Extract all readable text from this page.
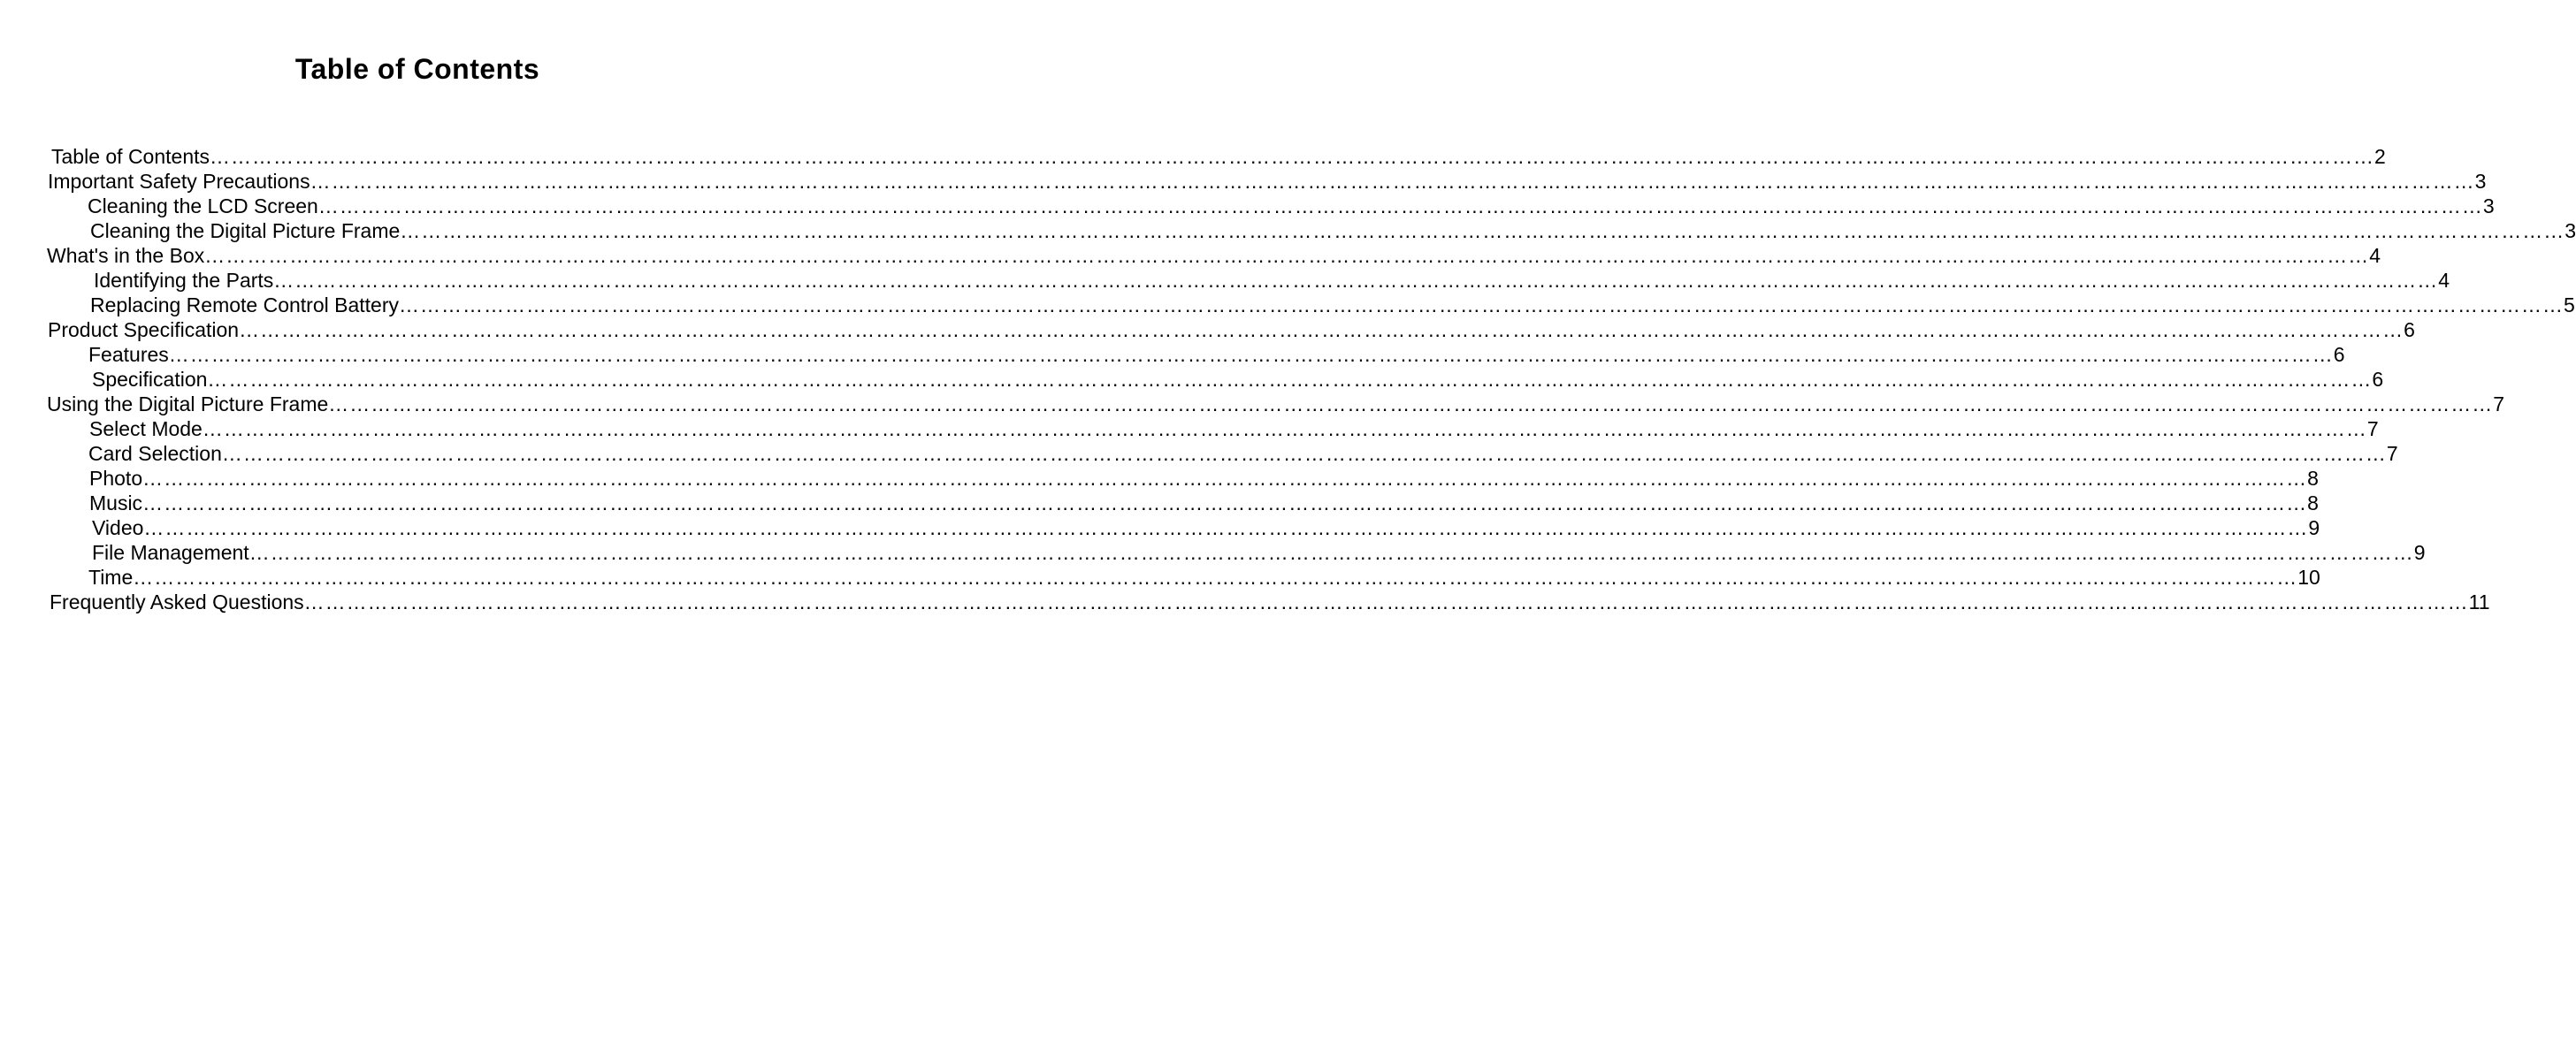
Table of Contents
Table of Contents ……………………………………………………………………………………………………………………………………………………………………………………………………………………………………………………………………………… 2
Important Safety Precautions ……………………………………………………………………………………………………………………………………………………………………………………………………………………………………………………………………………… 3
Cleaning the LCD Screen ……………………………………………………………………………………………………………………………………………………………………………………………………………………………………………………………………………… 3
Cleaning the Digital Picture Frame ……………………………………………………………………………………………………………………………………………………………………………………………………………………………………………………………………………… 3
What's in the Box ……………………………………………………………………………………………………………………………………………………………………………………………………………………………………………………………………………… 4
Identifying the Parts ……………………………………………………………………………………………………………………………………………………………………………………………………………………………………………………………………………… 4
Replacing Remote Control Battery ……………………………………………………………………………………………………………………………………………………………………………………………………………………………………………………………………………… 5
Product Specification ……………………………………………………………………………………………………………………………………………………………………………………………………………………………………………………………………………… 6
Features ……………………………………………………………………………………………………………………………………………………………………………………………………………………………………………………………………………… 6
Specification ……………………………………………………………………………………………………………………………………………………………………………………………………………………………………………………………………………… 6
Using the Digital Picture Frame ……………………………………………………………………………………………………………………………………………………………………………………………………………………………………………………………………………… 7
Select Mode ……………………………………………………………………………………………………………………………………………………………………………………………………………………………………………………………………………… 7
Card Selection ……………………………………………………………………………………………………………………………………………………………………………………………………………………………………………………………………………… 7
Photo ……………………………………………………………………………………………………………………………………………………………………………………………………………………………………………………………………………… 8
Music ……………………………………………………………………………………………………………………………………………………………………………………………………………………………………………………………………………… 8
Video ……………………………………………………………………………………………………………………………………………………………………………………………………………………………………………………………………………… 9
File Management ……………………………………………………………………………………………………………………………………………………………………………………………………………………………………………………………………………… 9
Time ……………………………………………………………………………………………………………………………………………………………………………………………………………………………………………………………………………… 10
Frequently Asked Questions ……………………………………………………………………………………………………………………………………………………………………………………………………………………………………………………………………………… 11
